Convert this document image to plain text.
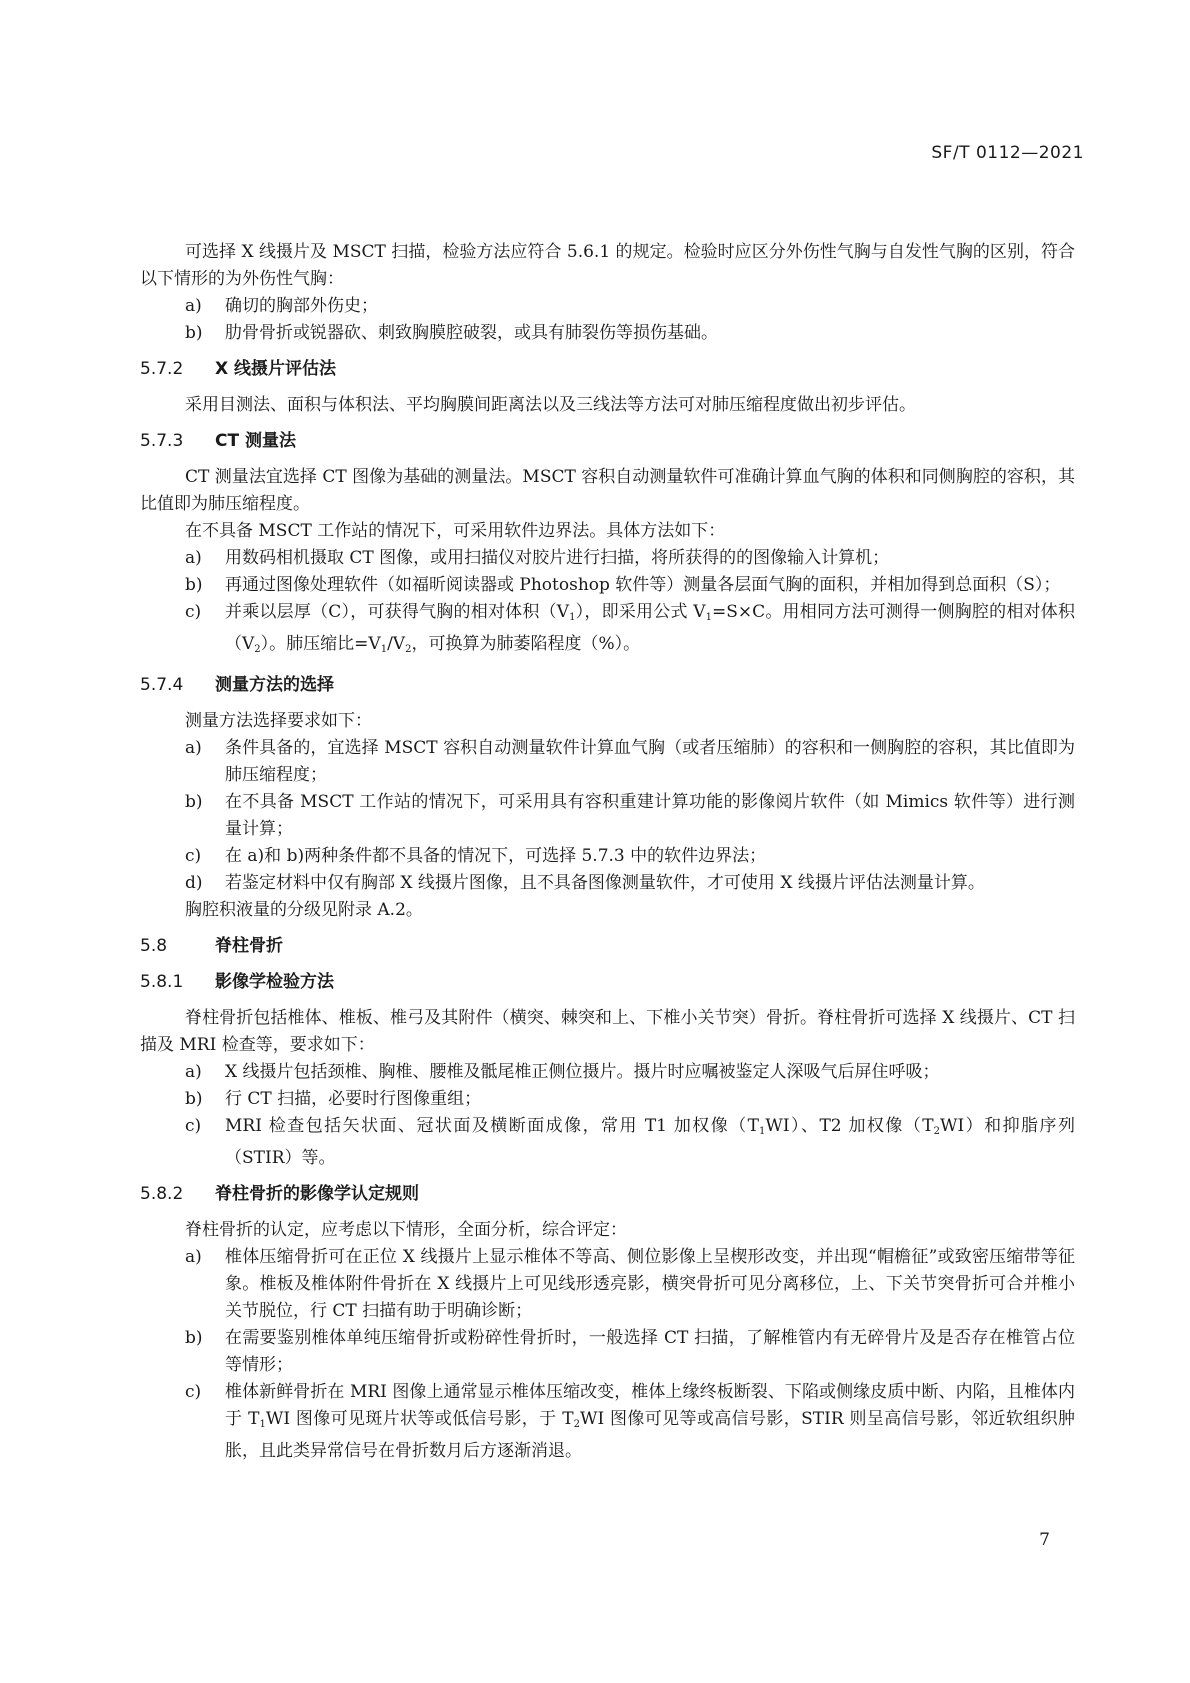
SF/T 0112—2021

可选择 X 线摄片及 MSCT 扫描，检验方法应符合 5.6.1 的规定。检验时应区分外伤性气胸与自发性气胸的区别，符合以下情形的为外伤性气胸：

a)	确切的胸部外伤史；
b)	肋骨骨折或锐器砍、刺致胸膜腔破裂，或具有肺裂伤等损伤基础。
5.7.2	X 线摄片评估法

采用目测法、面积与体积法、平均胸膜间距离法以及三线法等方法可对肺压缩程度做出初步评估。

5.7.3	CT 测量法

CT 测量法宜选择 CT 图像为基础的测量法。MSCT 容积自动测量软件可准确计算血气胸的体积和同侧胸腔的容积，其比值即为肺压缩程度。

在不具备 MSCT 工作站的情况下，可采用软件边界法。具体方法如下：

a)	用数码相机摄取 CT 图像，或用扫描仪对胶片进行扫描，将所获得的的图像输入计算机；
b)	再通过图像处理软件（如福昕阅读器或 Photoshop 软件等）测量各层面气胸的面积，并相加得到总面积（S）；
c)	并乘以层厚（C），可获得气胸的相对体积$(V_1)$，即采用公式 $V_1=S\times C$。用相同方法可测得一侧胸腔的相对体积$(V_2)$。肺压缩比$=V_1/V_2$，可换算为肺萎陷程度（%）。
5.7.4	测量方法的选择

测量方法选择要求如下：

a)	条件具备的，宜选择 MSCT 容积自动测量软件计算血气胸（或者压缩肺）的容积和一侧胸腔的容积，其比值即为肺压缩程度；
b)	在不具备 MSCT 工作站的情况下，可采用具有容积重建计算功能的影像阅片软件（如 Mimics 软件等）进行测量计算；
c)	在 a)和 b)两种条件都不具备的情况下，可选择 5.7.3 中的软件边界法；
d)	若鉴定材料中仅有胸部 X 线摄片图像，且不具备图像测量软件，才可使用 X 线摄片评估法测量计算。

胸腔积液量的分级见附录 A.2。

5.8	脊柱骨折
5.8.1	影像学检验方法

脊柱骨折包括椎体、椎板、椎弓及其附件（横突、棘突和上、下椎小关节突）骨折。脊柱骨折可选择 X 线摄片、CT 扫描及 MRI 检查等，要求如下：

a)	X 线摄片包括颈椎、胸椎、腰椎及骶尾椎正侧位摄片。摄片时应嘱被鉴定人深吸气后屏住呼吸；
b)	行 CT 扫描，必要时行图像重组；
c)	MRI 检查包括矢状面、冠状面及横断面成像，常用 T1 加权像$(T_1WI)$、T2 加权像$(T_2WI)$和抑脂序列（STIR）等。
5.8.2	脊柱骨折的影像学认定规则

脊柱骨折的认定，应考虑以下情形，全面分析，综合评定：

a)	椎体压缩骨折可在正位 X 线摄片上显示椎体不等高、侧位影像上呈楔形改变，并出现“帽檐征”或致密压缩带等征象。椎板及椎体附件骨折在 X 线摄片上可见线形透亮影，横突骨折可见分离移位，上、下关节突骨折可合并椎小关节脱位，行 CT 扫描有助于明确诊断；
b)	在需要鉴别椎体单纯压缩骨折或粉碎性骨折时，一般选择 CT 扫描，了解椎管内有无碎骨片及是否存在椎管占位等情形；
c)	椎体新鲜骨折在 MRI 图像上通常显示椎体压缩改变，椎体上缘终板断裂、下陷或侧缘皮质中断、内陷，且椎体内于 $T_1WI$ 图像可见斑片状等或低信号影，于 $T_2WI$ 图像可见等或高信号影，STIR 则呈高信号影，邻近软组织肿胀，且此类异常信号在骨折数月后方逐渐消退。
7
